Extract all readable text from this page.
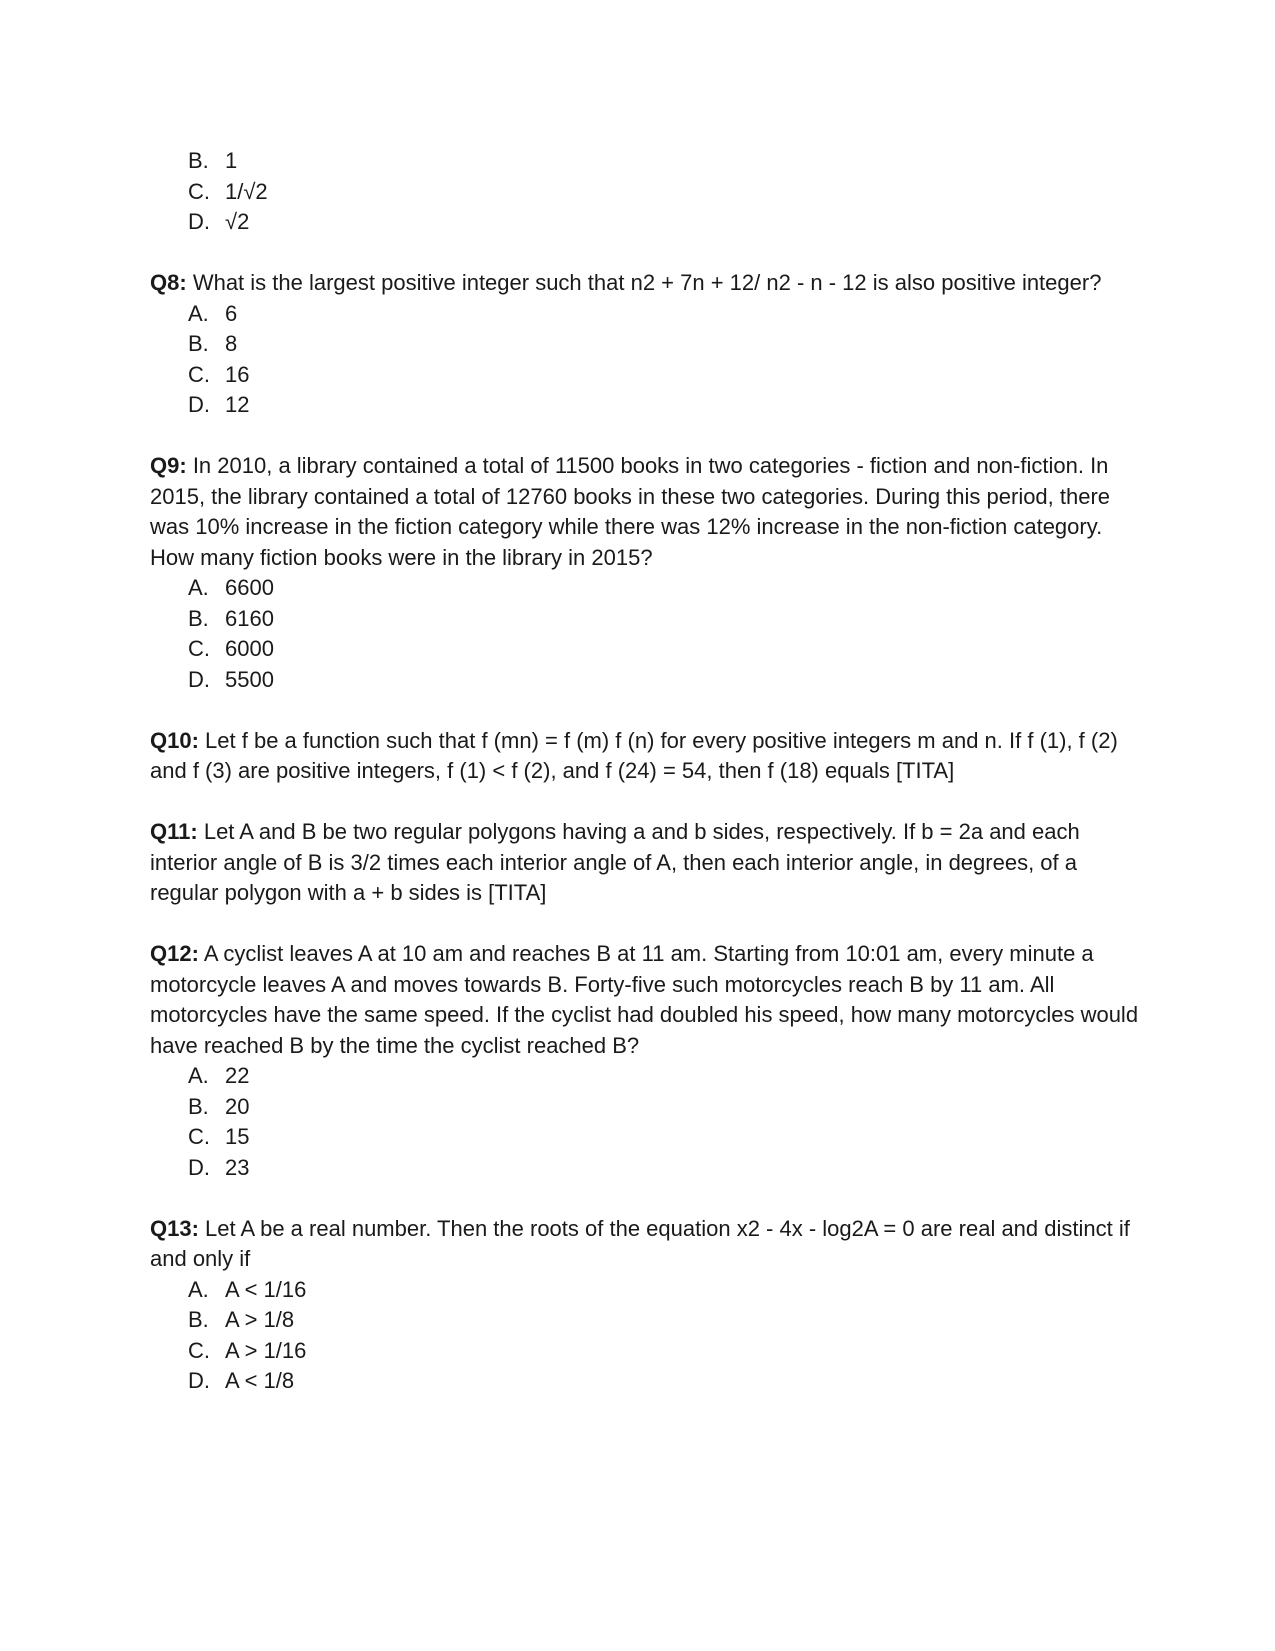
B. 1
C. 1/√2
D. √2

Q8: What is the largest positive integer such that n2 + 7n + 12/ n2 - n - 12 is also positive integer?

A. 6
B. 8
C. 16
D. 12

Q9: In 2010, a library contained a total of 11500 books in two categories - fiction and non-fiction. In 2015, the library contained a total of 12760 books in these two categories. During this period, there was 10% increase in the fiction category while there was 12% increase in the non-fiction category. How many fiction books were in the library in 2015?

A. 6600
B. 6160
C. 6000
D. 5500

Q10: Let f be a function such that f (mn) = f (m) f (n) for every positive integers m and n. If f (1), f (2) and f (3) are positive integers, f (1) < f (2), and f (24) = 54, then f (18) equals [TITA]

Q11: Let A and B be two regular polygons having a and b sides, respectively. If b = 2a and each interior angle of B is 3/2 times each interior angle of A, then each interior angle, in degrees, of a regular polygon with a + b sides is [TITA]

Q12: A cyclist leaves A at 10 am and reaches B at 11 am. Starting from 10:01 am, every minute a motorcycle leaves A and moves towards B. Forty-five such motorcycles reach B by 11 am. All motorcycles have the same speed. If the cyclist had doubled his speed, how many motorcycles would have reached B by the time the cyclist reached B?

A. 22
B. 20
C. 15
D. 23

Q13: Let A be a real number. Then the roots of the equation x2 - 4x - log2A = 0 are real and distinct if and only if

A. A < 1/16
B. A > 1/8
C. A > 1/16
D. A < 1/8
